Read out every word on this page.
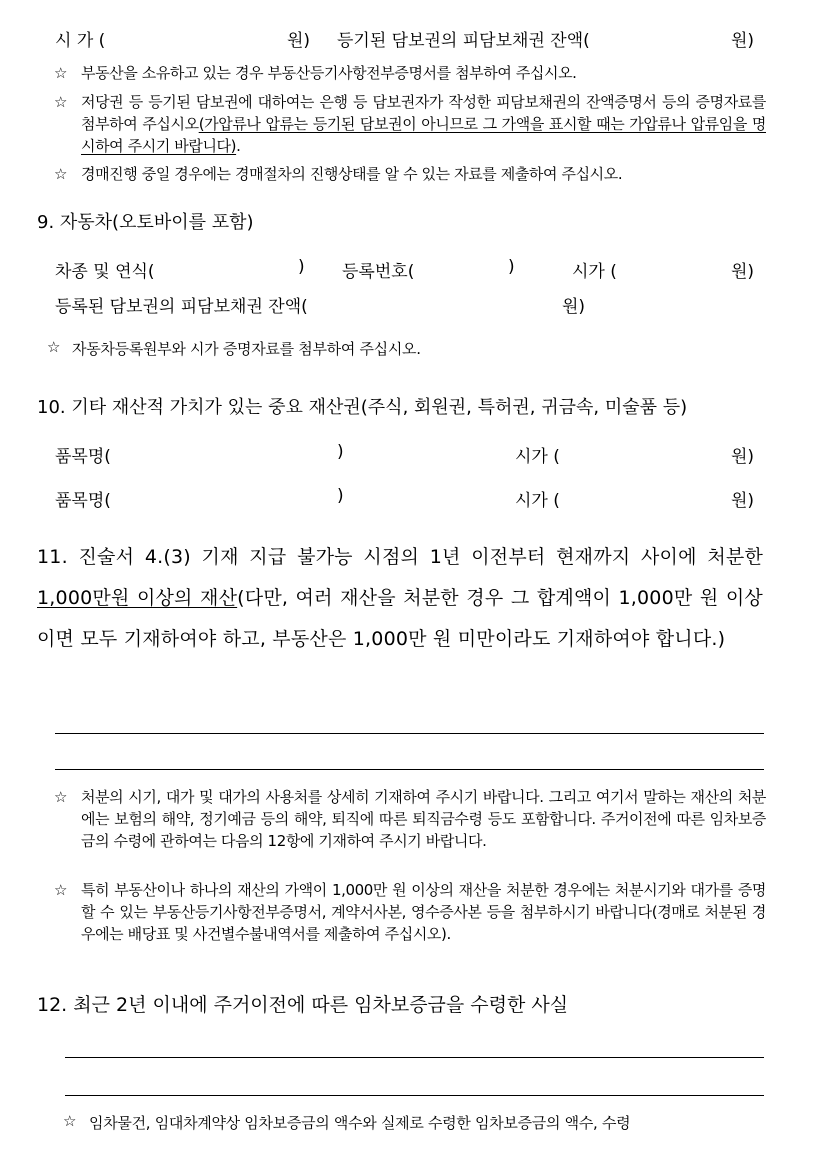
시 가 (	원) 등기된 담보권의 피담보채권 잔액(	원)
☆ 부동산을 소유하고 있는 경우 부동산등기사항전부증명서를 첨부하여 주십시오.
☆ 저당권 등 등기된 담보권에 대하여는 은행 등 담보권자가 작성한 피담보채권의 잔액증명서 등의 증명자료를 첨부하여 주십시오(가압류나 압류는 등기된 담보권이 아니므로 그 가액을 표시할 때는 가압류나 압류임을 명시하여 주시기 바랍니다).
☆ 경매진행 중일 경우에는 경매절차의 진행상태를 알 수 있는 자료를 제출하여 주십시오.
9. 자동차(오토바이를 포함)
차종 및 연식(	) 등록번호(	)	시가 (	원)
등록된 담보권의 피담보채권 잔액(	원)
☆ 자동차등록원부와 시가 증명자료를 첨부하여 주십시오.
10. 기타 재산적 가치가 있는 중요 재산권(주식, 회원권, 특허권, 귀금속, 미술품 등)
품목명(	)	시가 (	원)
품목명(	)	시가 (	원)
11. 진술서 4.(3) 기재 지급 불가능 시점의 1년 이전부터 현재까지 사이에 처분한 1,000만원 이상의 재산(다만, 여러 재산을 처분한 경우 그 합계액이 1,000만 원 이상이면 모두 기재하여야 하고, 부동산은 1,000만 원 미만이라도 기재하여야 합니다.)
☆ 처분의 시기, 대가 및 대가의 사용처를 상세히 기재하여 주시기 바랍니다. 그리고 여기서 말하는 재산의 처분에는 보험의 해약, 정기예금 등의 해약, 퇴직에 따른 퇴직금수령 등도 포함합니다. 주거이전에 따른 임차보증금의 수령에 관하여는 다음의 12항에 기재하여 주시기 바랍니다.
☆ 특히 부동산이나 하나의 재산의 가액이 1,000만 원 이상의 재산을 처분한 경우에는 처분시기와 대가를 증명할 수 있는 부동산등기사항전부증명서, 계약서사본, 영수증사본 등을 첨부하시기 바랍니다(경매로 처분된 경우에는 배당표 및 사건별수불내역서를 제출하여 주십시오).
12. 최근 2년 이내에 주거이전에 따른 임차보증금을 수령한 사실
☆ 임차물건, 임대차계약상 임차보증금의 액수와 실제로 수령한 임차보증금의 액수, 수령
